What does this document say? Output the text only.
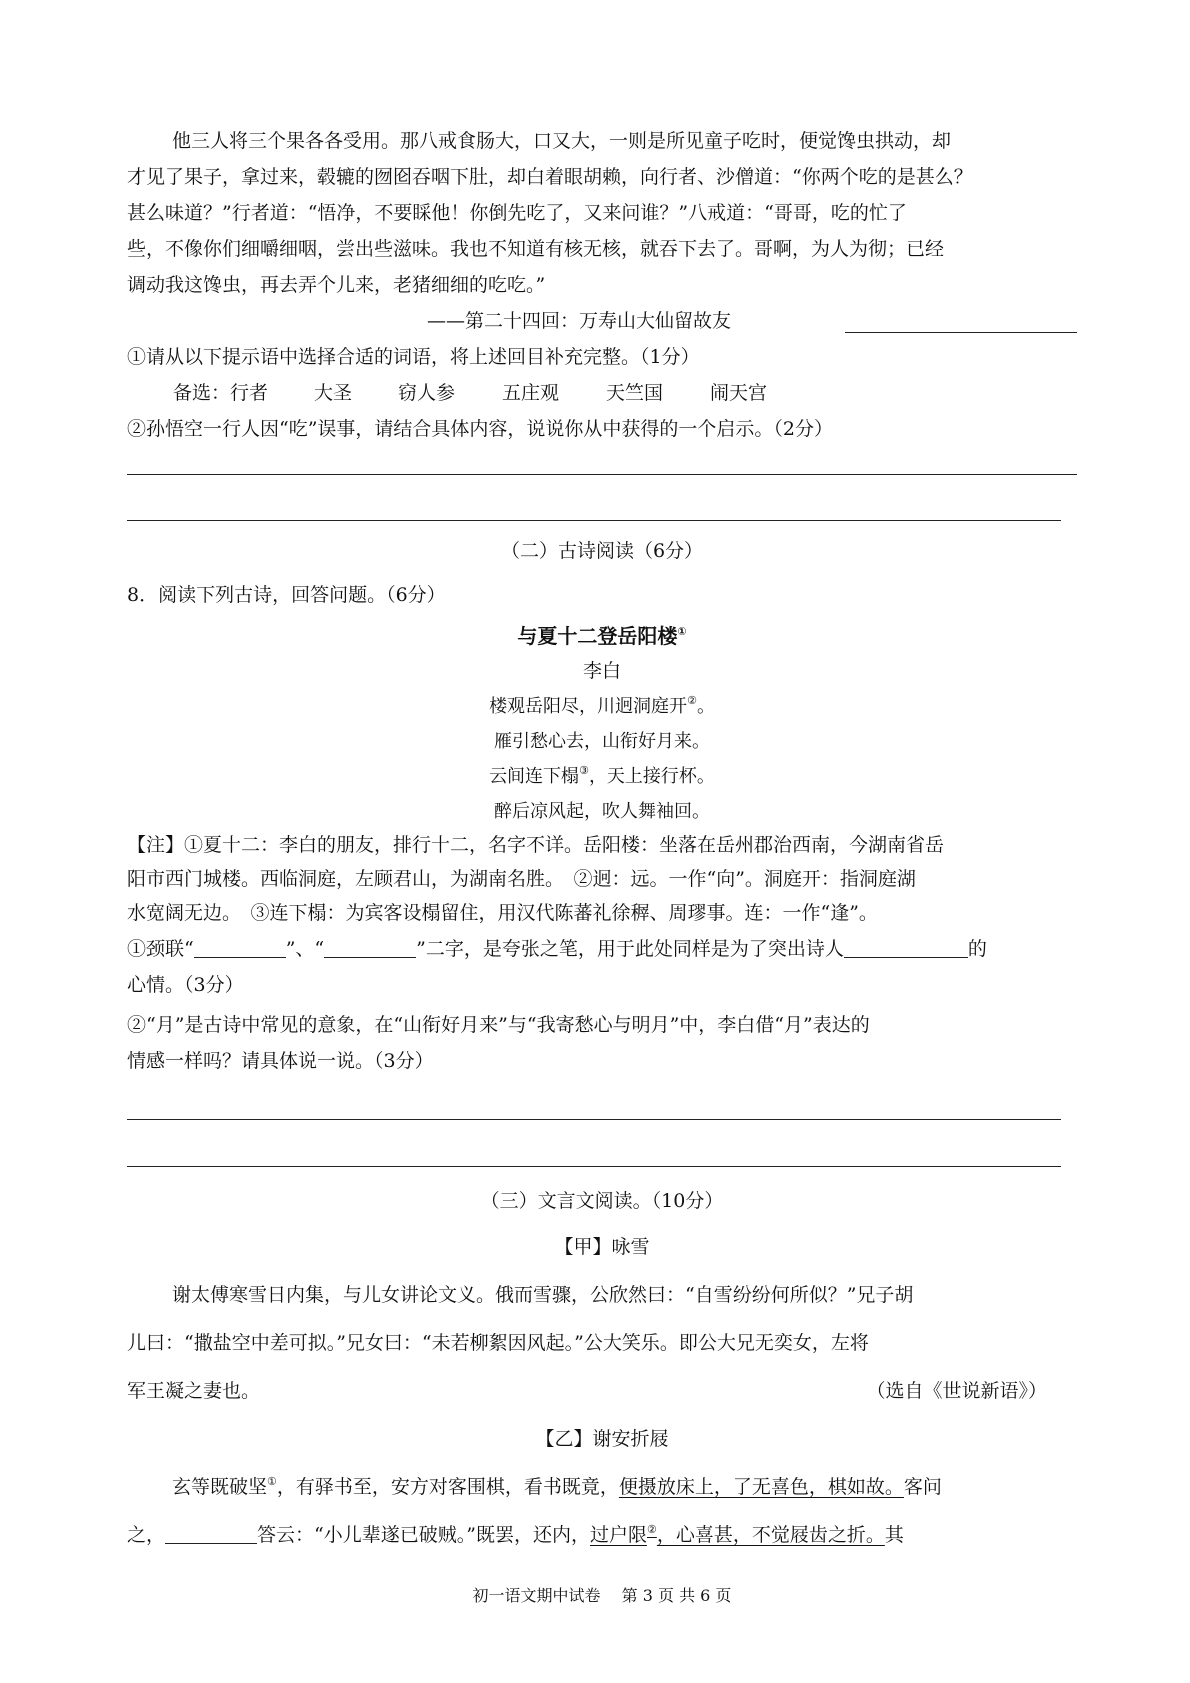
他三人将三个果各各受用。那八戒食肠大，口又大，一则是所见童子吃时，便觉馋虫拱动，却
才见了果子，拿过来，毂辘的囫囵吞咽下肚，却白着眼胡赖，向行者、沙僧道：“你两个吃的是甚么？
甚么味道？”行者道：“悟净，不要睬他！你倒先吃了，又来问谁？”八戒道：“哥哥，吃的忙了
些，不像你们细嚼细咽，尝出些滋味。我也不知道有核无核，就吞下去了。哥啊，为人为彻；已经
调动我这馋虫，再去弄个儿来，老猪细细的吃吃。”
——第二十四回：万寿山大仙留故友
①请从以下提示语中选择合适的词语，将上述回目补充完整。（1分）
备选：行者 大圣 窃人参 五庄观 天竺国 闹天宫
②孙悟空一行人因“吃”误事，请结合具体内容，说说你从中获得的一个启示。（2分）
（二）古诗阅读（6分）
8．阅读下列古诗，回答问题。（6分）
与夏十二登岳阳楼①
李白
楼观岳阳尽，川迥洞庭开②。
雁引愁心去，山衔好月来。
云间连下榻③，天上接行杯。
醉后凉风起，吹人舞袖回。
【注】①夏十二：李白的朋友，排行十二，名字不详。岳阳楼：坐落在岳州郡治西南，今湖南省岳
阳市西门城楼。西临洞庭，左顾君山，为湖南名胜。　②迥：远。一作“向”。洞庭开：指洞庭湖
水宽阔无边。　③连下榻：为宾客设榻留住，用汉代陈蕃礼徐稺、周璆事。连：一作“逢”。
①颈联“	”、“	”二字，是夸张之笔，用于此处同样是为了突出诗人	的
心情。（3分）
②“月”是古诗中常见的意象，在“山衔好月来”与“我寄愁心与明月”中，李白借“月”表达的
情感一样吗？请具体说一说。（3分）
（三）文言文阅读。（10分）
【甲】咏雪
谢太傅寒雪日内集，与儿女讲论文义。俄而雪骤，公欣然曰：“自雪纷纷何所似？”兄子胡
儿曰：“撒盐空中差可拟。”兄女曰：“未若柳絮因风起。”公大笑乐。即公大兄无奕女，左将
军王凝之妻也。	（选自《世说新语》）
【乙】谢安折屐
玄等既破坚①，有驿书至，安方对客围棋，看书既竟，便摄放床上，了无喜色，棋如故。客问
之，	答云：“小儿辈遂已破贼。”既罢，还内，过户限②，心喜甚，不觉屐齿之折。其
初一语文期中试卷　 第 3 页 共 6 页
